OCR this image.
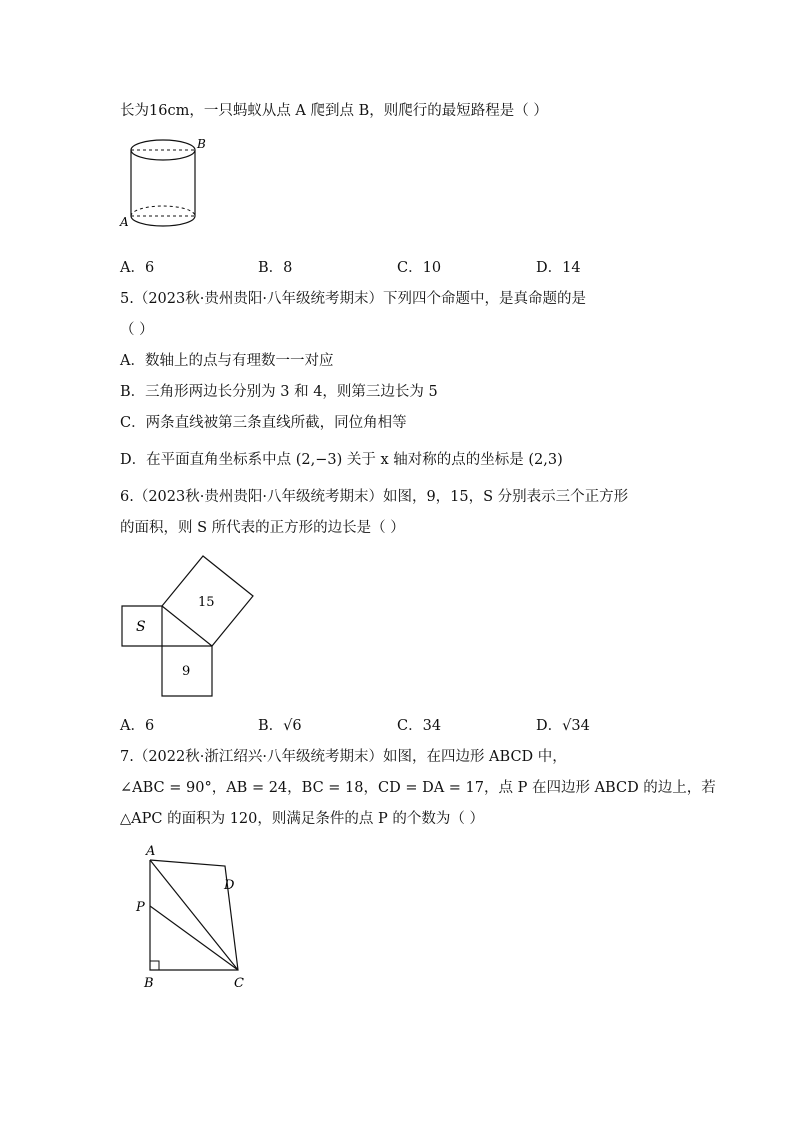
长为16cm，一只蚂蚁从点 A 爬到点 B，则爬行的最短路程是（ ）
B
A
A．6	B．8	C．10	D．14
5.（2023秋·贵州贵阳·八年级统考期末）下列四个命题中，是真命题的是
（ ）
A．数轴上的点与有理数一一对应
B．三角形两边长分别为 3 和 4，则第三边长为 5
C．两条直线被第三条直线所截，同位角相等
D．在平面直角坐标系中点 (2,−3) 关于 x 轴对称的点的坐标是 (2,3)
6.（2023秋·贵州贵阳·八年级统考期末）如图，9，15，S 分别表示三个正方形
的面积，则 S 所代表的正方形的边长是（ ）
S
15
9
A．6	B．√6	C．34	D．√34
7.（2022秋·浙江绍兴·八年级统考期末）如图，在四边形 ABCD 中，
∠ABC = 90°，AB = 24，BC = 18，CD = DA = 17，点 P 在四边形 ABCD 的边上，若
△APC 的面积为 120，则满足条件的点 P 的个数为（ ）
A
D
P
B	C
